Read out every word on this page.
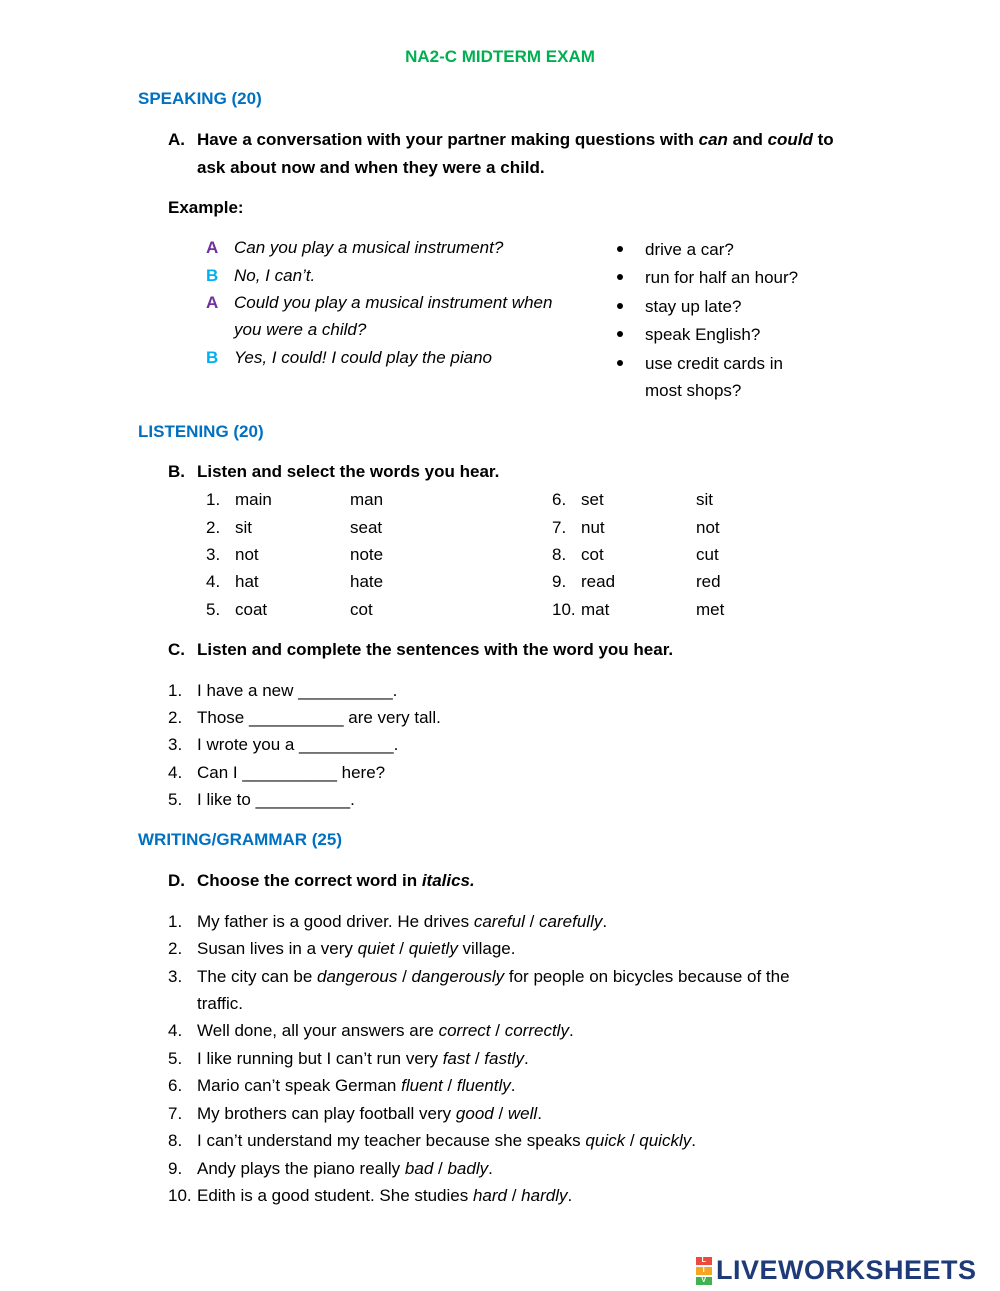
NA2-C MIDTERM EXAM
SPEAKING (20)
A. Have a conversation with your partner making questions with can and could to
ask about now and when they were a child.
Example:
A Can you play a musical instrument?
B No, I can’t.
A Could you play a musical instrument when
you were a child?
B Yes, I could! I could play the piano
drive a car?
run for half an hour?
stay up late?
speak English?
use credit cards in
most shops?
LISTENING (20)
B. Listen and select the words you hear.
1. main	man
2. sit	seat
3. not	note
4. hat	hate
5. coat	cot
6. set	sit
7. nut	not
8. cot	cut
9. read	red
10. mat	met
C. Listen and complete the sentences with the word you hear.
1. I have a new __________.
2. Those __________ are very tall.
3. I wrote you a __________.
4. Can I __________ here?
5. I like to __________.
WRITING/GRAMMAR (25)
D. Choose the correct word in italics.
1. My father is a good driver. He drives careful / carefully.
2. Susan lives in a very quiet / quietly village.
3. The city can be dangerous / dangerously for people on bicycles because of the
traffic.
4. Well done, all your answers are correct / correctly.
5. I like running but I can’t run very fast / fastly.
6. Mario can’t speak German fluent / fluently.
7. My brothers can play football very good / well.
8. I can’t understand my teacher because she speaks quick / quickly.
9. Andy plays the piano really bad / badly.
10. Edith is a good student. She studies hard / hardly.
L
I
V LIVEWORKSHEETS
